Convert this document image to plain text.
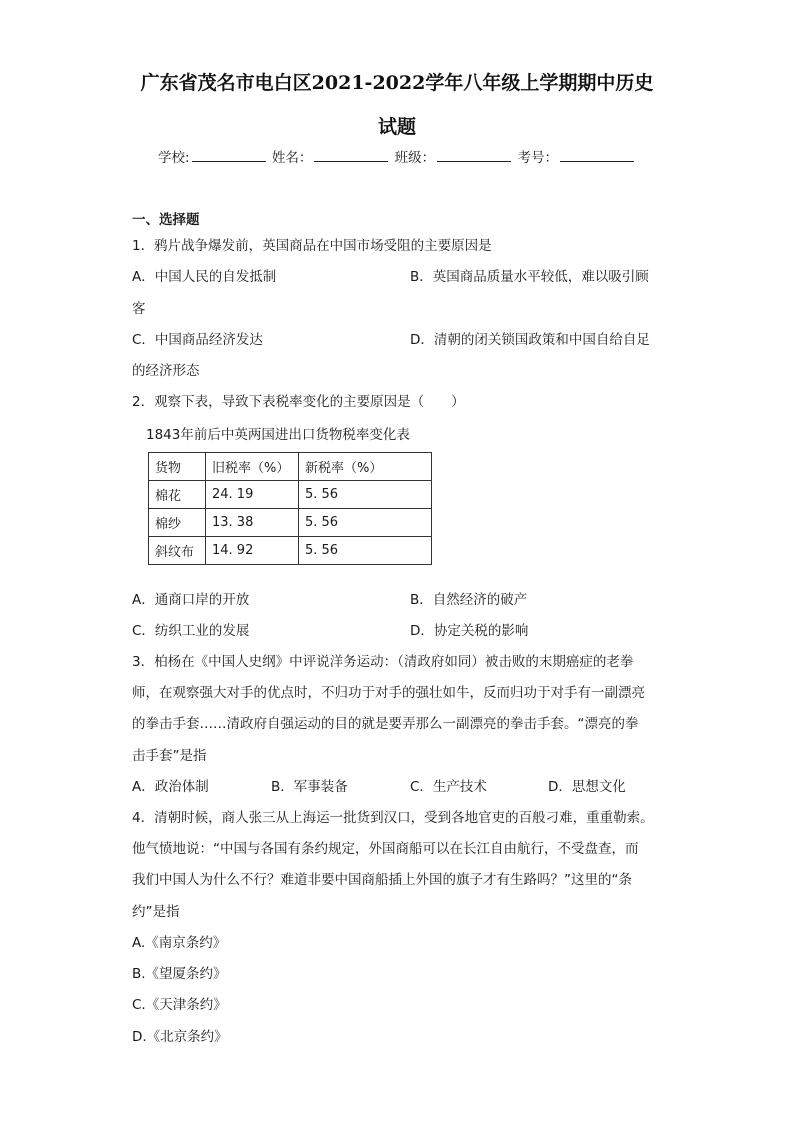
广东省茂名市电白区2021-2022学年八年级上学期期中历史
试题
学校:	姓名：	班级：	考号：
一、选择题
1．鸦片战争爆发前，英国商品在中国市场受阻的主要原因是
A．中国人民的自发抵制	B．英国商品质量水平较低，难以吸引顾
客
C．中国商品经济发达	D．清朝的闭关锁国政策和中国自给自足
的经济形态
2．观察下表，导致下表税率变化的主要原因是（　　）
1843年前后中英两国进出口货物税率变化表
货物	旧税率（%）	新税率（%）
棉花	24. 19	5. 56
棉纱	13. 38	5. 56
斜纹布	14. 92	5. 56
A．通商口岸的开放	B．自然经济的破产
C．纺织工业的发展	D．协定关税的影响
3．柏杨在《中国人史纲》中评说洋务运动：（清政府如同）被击败的末期癌症的老拳
师，在观察强大对手的优点时，不归功于对手的强壮如牛，反而归功于对手有一副漂亮
的拳击手套……清政府自强运动的目的就是要弄那么一副漂亮的拳击手套。“漂亮的拳
击手套”是指
A．政治体制	B．军事装备	C．生产技术	D．思想文化
4．清朝时候，商人张三从上海运一批货到汉口，受到各地官吏的百般刁难，重重勒索。
他气愤地说：“中国与各国有条约规定，外国商船可以在长江自由航行，不受盘查，而
我们中国人为什么不行？难道非要中国商船插上外国的旗子才有生路吗？”这里的“条
约”是指
A.《南京条约》
B.《望厦条约》
C.《天津条约》
D.《北京条约》
